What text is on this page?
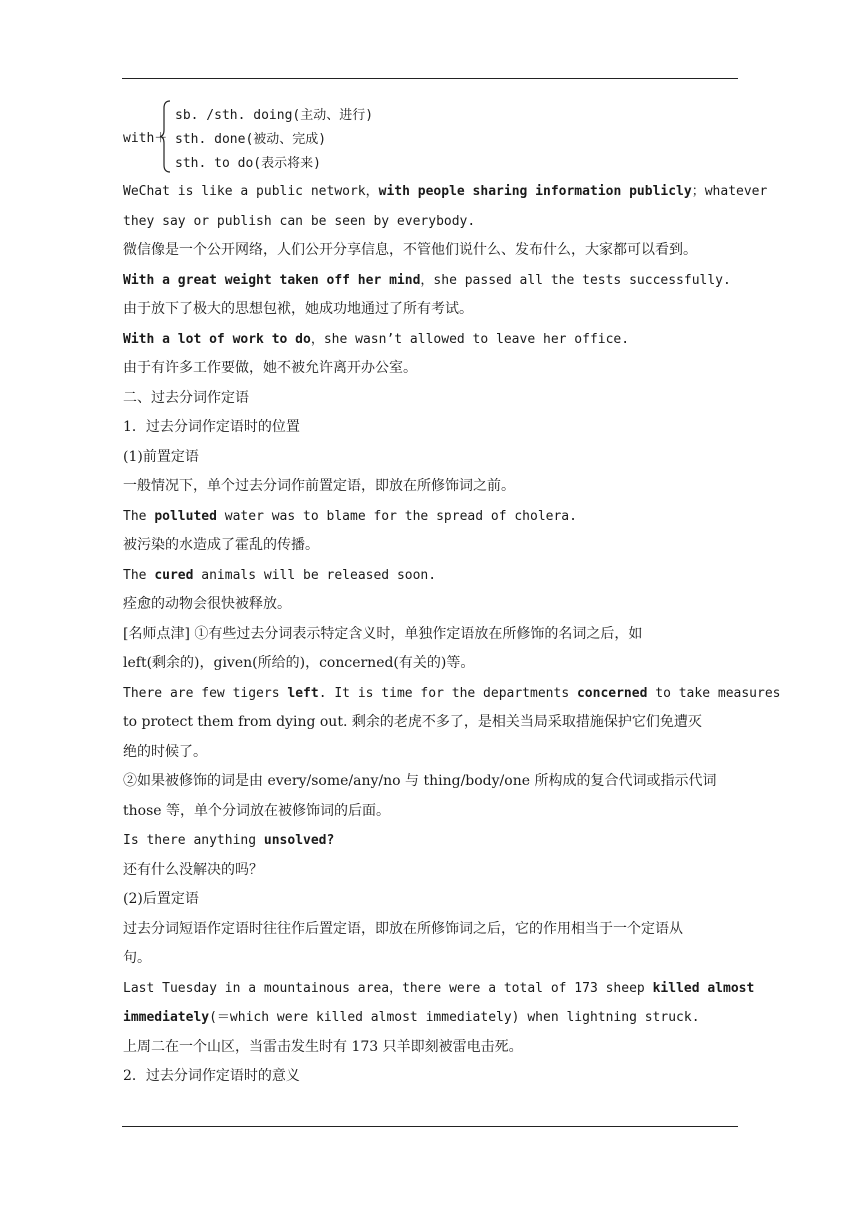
with＋
sb. /sth. doing(主动、进行)
sth. done(被动、完成)
sth. to do(表示将来)
WeChat is like a public network，with people sharing information publicly；whatever
they say or publish can be seen by everybody.
微信像是一个公开网络，人们公开分享信息，不管他们说什么、发布什么，大家都可以看到。
With a great weight taken off her mind，she passed all the tests successfully.
由于放下了极大的思想包袱，她成功地通过了所有考试。
With a lot of work to do，she wasn’t allowed to leave her office.
由于有许多工作要做，她不被允许离开办公室。
二、过去分词作定语
1．过去分词作定语时的位置
(1)前置定语
一般情况下，单个过去分词作前置定语，即放在所修饰词之前。
The polluted water was to blame for the spread of cholera.
被污染的水造成了霍乱的传播。
The cured animals will be released soon.
痊愈的动物会很快被释放。
[名师点津] ①有些过去分词表示特定含义时，单独作定语放在所修饰的名词之后，如
left(剩余的)，given(所给的)，concerned(有关的)等。
There are few tigers left. It is time for the departments concerned to take measures
to protect them from dying out. 剩余的老虎不多了，是相关当局采取措施保护它们免遭灭
绝的时候了。
②如果被修饰的词是由 every/some/any/no 与 thing/body/one 所构成的复合代词或指示代词
those 等，单个分词放在被修饰词的后面。
Is there anything unsolved?
还有什么没解决的吗？
(2)后置定语
过去分词短语作定语时往往作后置定语，即放在所修饰词之后，它的作用相当于一个定语从
句。
Last Tuesday in a mountainous area，there were a total of 173 sheep killed almost
immediately(＝which were killed almost immediately) when lightning struck.
上周二在一个山区，当雷击发生时有 173 只羊即刻被雷电击死。
2．过去分词作定语时的意义
